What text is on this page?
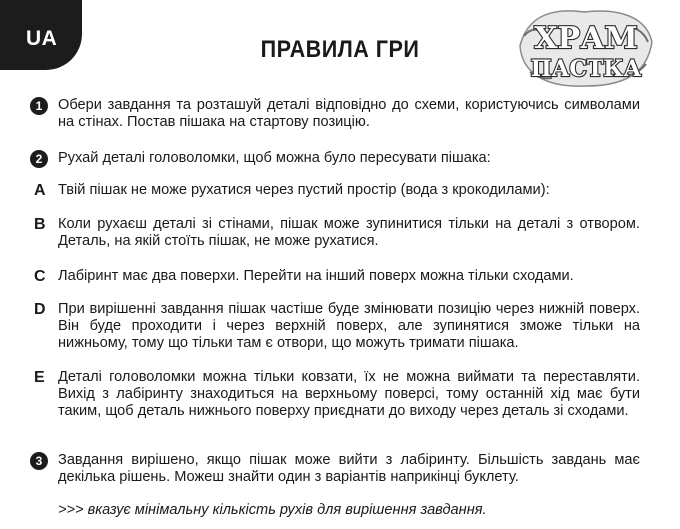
UA	ПРАВИЛА ГРИ	ХРАМ
ПАСТКА
1	Обери завдання та розташуй деталі відповідно до схеми, користуючись символами на стінах. Постав пішака на стартову позицію.
2	Рухай деталі головоломки, щоб можна було пересувати пішака:
A Твій пішак не може рухатися через пустий простір (вода з крокодилами):
B Коли рухаєш деталі зі стінами, пішак може зупинитися тільки на деталі з отвором. Деталь, на якій стоїть пішак, не може рухатися.
C Лабіринт має два поверхи. Перейти на інший поверх можна тільки сходами.
D При вирішенні завдання пішак частіше буде змінювати позицію через нижній поверх. Він буде проходити і через верхній поверх, але зупинятися зможе тільки на нижньому, тому що тільки там є отвори, що можуть тримати пішака.
E Деталі головоломки можна тільки ковзати, їх не можна виймати та переставляти. Вихід з лабіринту знаходиться на верхньому поверсі, тому останній хід має бути таким, щоб деталь нижнього поверху приєднати до виходу через деталь зі сходами.
3	Завдання вирішено, якщо пішак може вийти з лабіринту. Більшість завдань має декілька рішень. Можеш знайти один з варіантів наприкінці буклету.
>>> вказує мінімальну кількість рухів для вирішення завдання.
